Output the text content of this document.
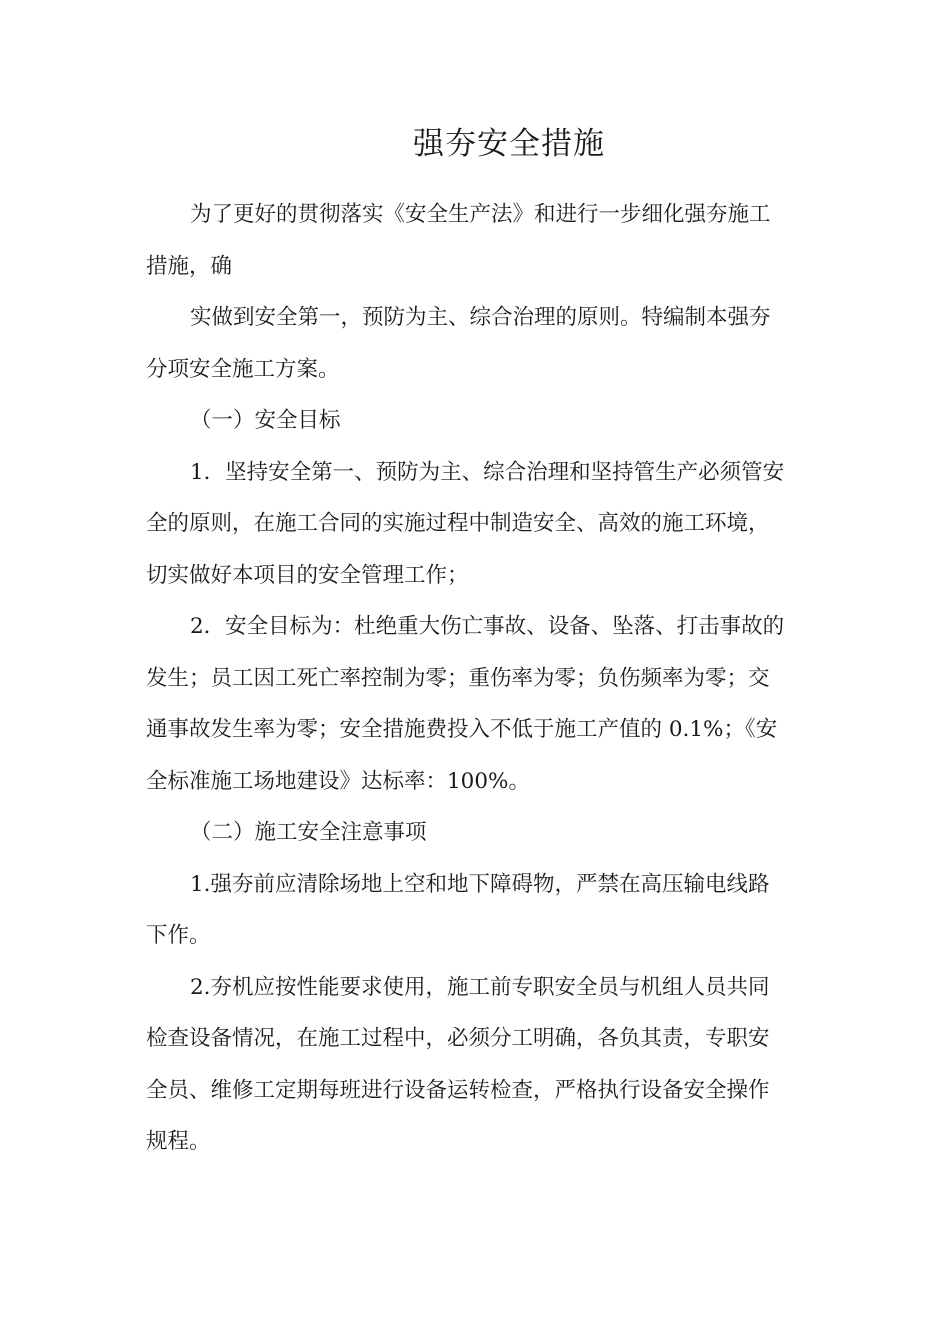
强夯安全措施

为了更好的贯彻落实《安全生产法》和进行一步细化强夯施工

措施，确

实做到安全第一，预防为主、综合治理的原则。特编制本强夯

分项安全施工方案。

（一）安全目标

1．坚持安全第一、预防为主、综合治理和坚持管生产必须管安

全的原则，在施工合同的实施过程中制造安全、高效的施工环境，

切实做好本项目的安全管理工作；

2．安全目标为：杜绝重大伤亡事故、设备、坠落、打击事故的

发生；员工因工死亡率控制为零；重伤率为零；负伤频率为零；交

通事故发生率为零；安全措施费投入不低于施工产值的 0.1%；《安

全标准施工场地建设》达标率：100%。

（二）施工安全注意事项

1.强夯前应清除场地上空和地下障碍物，严禁在高压输电线路

下作。

2.夯机应按性能要求使用，施工前专职安全员与机组人员共同

检查设备情况，在施工过程中，必须分工明确，各负其责，专职安

全员、维修工定期每班进行设备运转检查，严格执行设备安全操作

规程。
